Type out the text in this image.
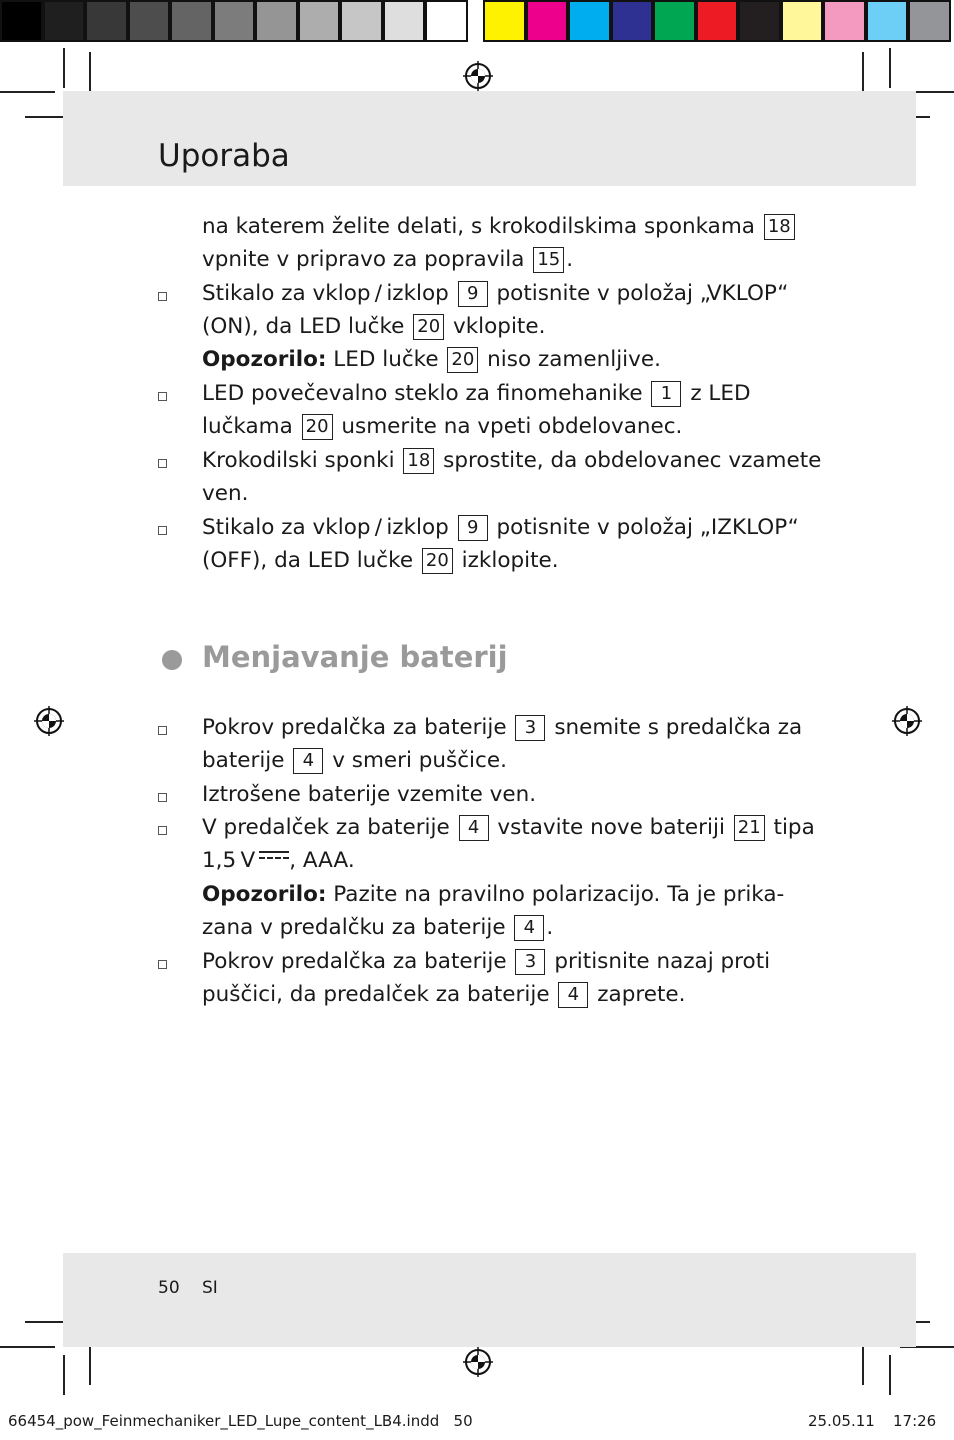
Uporaba
na katerem želite delati, s krokodilskima sponkama 18
vpnite v pripravo za popravila 15 .
Stikalo za vklop / izklop 9 potisnite v položaj „VKLOP“
(ON), da LED lučke 20 vklopite.
Opozorilo: LED lučke 20 niso zamenljive.
LED povečevalno steklo za finomehanike 1 z LED
lučkama 20 usmerite na vpeti obdelovanec.
Krokodilski sponki 18 sprostite, da obdelovanec vzamete
ven.
Stikalo za vklop / izklop 9 potisnite v položaj „IZKLOP“
(OFF), da LED lučke 20 izklopite.
Menjavanje baterij
Pokrov predalčka za baterije 3 snemite s predalčka za
baterije 4 v smeri puščice.
Iztrošene baterije vzemite ven.
V predalček za baterije 4 vstavite nove bateriji 21 tipa
1,5 V , AAA.
Opozorilo: Pazite na pravilno polarizacijo. Ta je prika-
zana v predalčku za baterije 4 .
Pokrov predalčka za baterije 3 pritisnite nazaj proti
puščici, da predalček za baterije 4 zaprete.
50 SI
66454_pow_Feinmechaniker_LED_Lupe_content_LB4.indd   50	25.05.11 17:26
